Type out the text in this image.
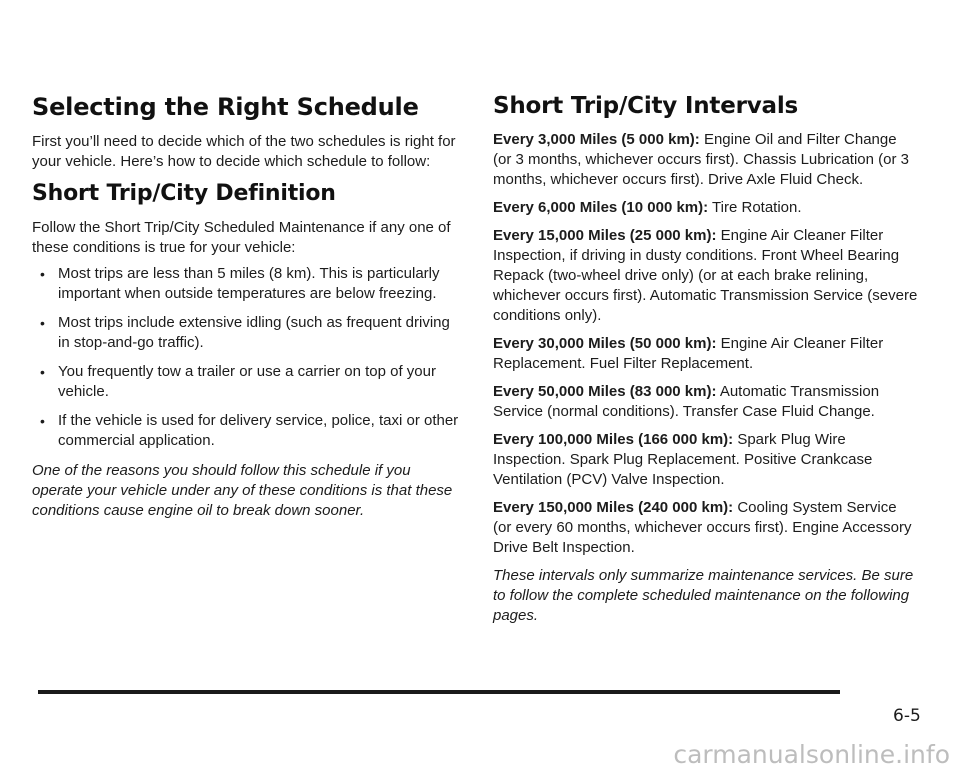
Selecting the Right Schedule

First you’ll need to decide which of the two schedules is right for your vehicle. Here’s how to decide which schedule to follow:

Short Trip/City Definition

Follow the Short Trip/City Scheduled Maintenance if any one of these conditions is true for your vehicle:

• Most trips are less than 5 miles (8 km). This is particularly important when outside temperatures are below freezing.
• Most trips include extensive idling (such as frequent driving in stop-and-go traffic).
• You frequently tow a trailer or use a carrier on top of your vehicle.
• If the vehicle is used for delivery service, police, taxi or other commercial application.

One of the reasons you should follow this schedule if you operate your vehicle under any of these conditions is that these conditions cause engine oil to break down sooner.

Short Trip/City Intervals

Every 3,000 Miles (5 000 km): Engine Oil and Filter Change (or 3 months, whichever occurs first). Chassis Lubrication (or 3 months, whichever occurs first). Drive Axle Fluid Check.

Every 6,000 Miles (10 000 km): Tire Rotation.

Every 15,000 Miles (25 000 km): Engine Air Cleaner Filter Inspection, if driving in dusty conditions. Front Wheel Bearing Repack (two-wheel drive only) (or at each brake relining, whichever occurs first). Automatic Transmission Service (severe conditions only).

Every 30,000 Miles (50 000 km): Engine Air Cleaner Filter Replacement. Fuel Filter Replacement.

Every 50,000 Miles (83 000 km): Automatic Transmission Service (normal conditions). Transfer Case Fluid Change.

Every 100,000 Miles (166 000 km): Spark Plug Wire Inspection. Spark Plug Replacement. Positive Crankcase Ventilation (PCV) Valve Inspection.

Every 150,000 Miles (240 000 km): Cooling System Service (or every 60 months, whichever occurs first). Engine Accessory Drive Belt Inspection.

These intervals only summarize maintenance services. Be sure to follow the complete scheduled maintenance on the following pages.

6-5
carmanualsonline.info
